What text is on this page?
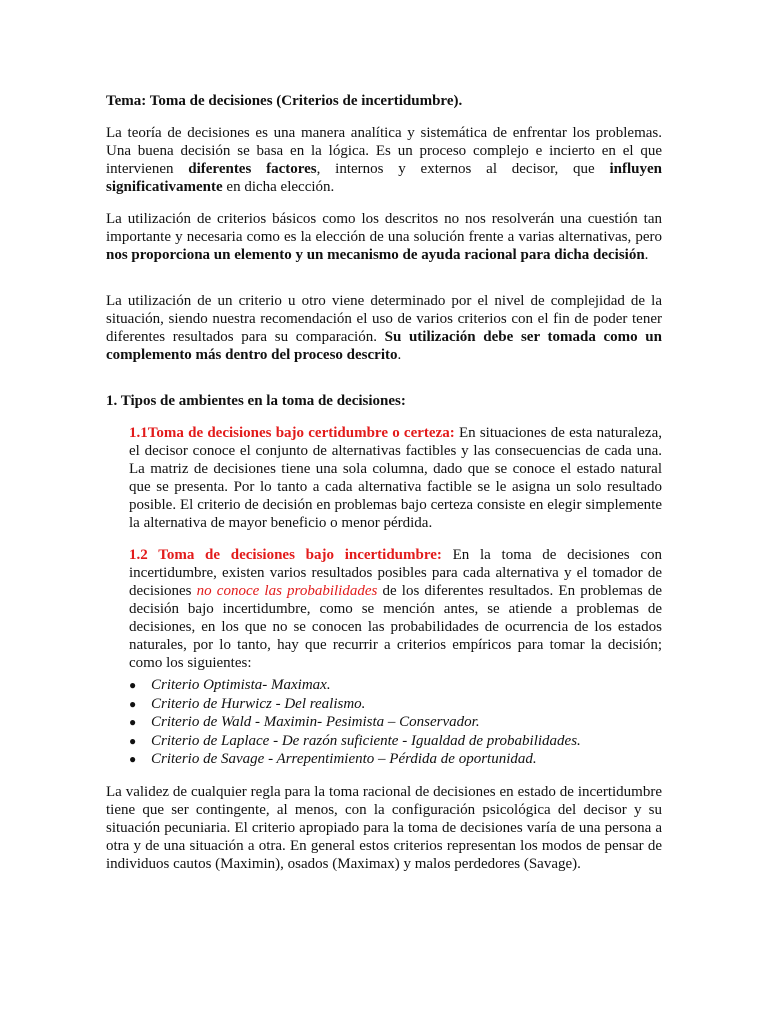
Tema: Toma de decisiones (Criterios de incertidumbre).

La teoría de decisiones es una manera analítica y sistemática de enfrentar los problemas. Una buena decisión se basa en la lógica. Es un proceso complejo e incierto en el que intervienen diferentes factores, internos y externos al decisor, que influyen significativamente en dicha elección.

La utilización de criterios básicos como los descritos no nos resolverán una cuestión tan importante y necesaria como es la elección de una solución frente a varias alternativas, pero nos proporciona un elemento y un mecanismo de ayuda racional para dicha decisión.

La utilización de un criterio u otro viene determinado por el nivel de complejidad de la situación, siendo nuestra recomendación el uso de varios criterios con el fin de poder tener diferentes resultados para su comparación. Su utilización debe ser tomada como un complemento más dentro del proceso descrito.

1. Tipos de ambientes en la toma de decisiones:

1.1Toma de decisiones bajo certidumbre o certeza: En situaciones de esta naturaleza, el decisor conoce el conjunto de alternativas factibles y las consecuencias de cada una. La matriz de decisiones tiene una sola columna, dado que se conoce el estado natural que se presenta. Por lo tanto a cada alternativa factible se le asigna un solo resultado posible. El criterio de decisión en problemas bajo certeza consiste en elegir simplemente la alternativa de mayor beneficio o menor pérdida.

1.2 Toma de decisiones bajo incertidumbre: En la toma de decisiones con incertidumbre, existen varios resultados posibles para cada alternativa y el tomador de decisiones no conoce las probabilidades de los diferentes resultados. En problemas de decisión bajo incertidumbre, como se mención antes, se atiende a problemas de decisiones, en los que no se conocen las probabilidades de ocurrencia de los estados naturales, por lo tanto, hay que recurrir a criterios empíricos para tomar la decisión; como los siguientes:

● Criterio Optimista- Maximax.
● Criterio de Hurwicz - Del realismo.
● Criterio de Wald - Maximin- Pesimista – Conservador.
● Criterio de Laplace - De razón suficiente - Igualdad de probabilidades.
● Criterio de Savage - Arrepentimiento – Pérdida de oportunidad.

La validez de cualquier regla para la toma racional de decisiones en estado de incertidumbre tiene que ser contingente, al menos, con la configuración psicológica del decisor y su situación pecuniaria. El criterio apropiado para la toma de decisiones varía de una persona a otra y de una situación a otra. En general estos criterios representan los modos de pensar de individuos cautos (Maximin), osados (Maximax) y malos perdedores (Savage).
